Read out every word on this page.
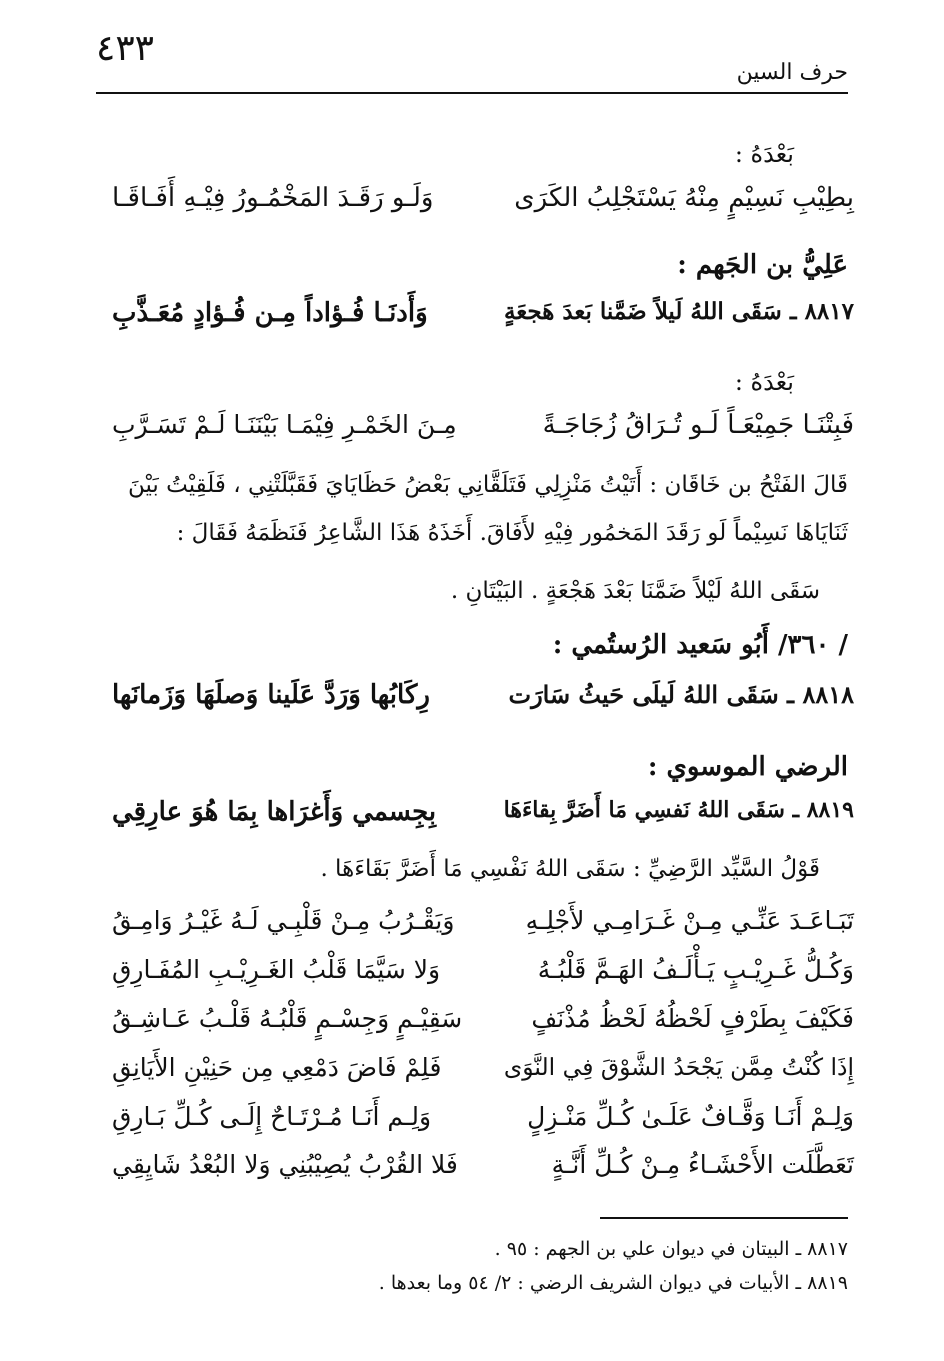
٤٣٣
حرف السين
بَعْدَهُ :
بِطِيْبِ نَسِيْمٍ مِنْهُ يَسْتَجْلِبُ الكَرَى
وَلَـو رَقَـدَ المَخْمُـورُ فِيْـهِ أَفَـاقَـا
عَلِيُّ بن الجَهم :
٨٨١٧ ـ سَقَى اللهُ لَيلاً ضَمَّنا بَعدَ هَجعَةٍ
وَأَدنَـا فُـؤاداً مِـن فُـؤادٍ مُعَـذَّبِ
بَعْدَهُ :
فَبِتْنَـا جَمِيْعَـاً لَـو تُـرَاقُ زُجَاجَـةً
مِـنَ الخَمْـرِ فِيْمَـا بَيْنَنَـا لَـمْ تَسَـرَّبِ
قَالَ الفَتْحُ بن خَاقَان : أَتَيْتُ مَنْزِلِي فَتَلَقَّانِي بَعْضُ حَظَايَايَ فَقَبَّلَتْنِي ، فَلَقِيْتُ بَيْنَ
ثَنَايَاهَا نَسِيْماً لَو رَقَدَ المَخمُور فِيْهِ لأَفَاقَ. أَخَذَهُ هَذَا الشَّاعِرُ فَنَظَمَهُ فَقَالَ :
سَقَى اللهُ لَيْلاً ضَمَّنَا بَعْدَ هَجْعَةٍ . البَيْتَانِ .
/ ٣٦٠/ أَبُو سَعيد الرُستُمي :
٨٨١٨ ـ سَقَى اللهُ لَيلَى حَيثُ سَارَت
رِكَابُها وَرَدَّ عَلَينا وَصلَهَا وَزَمانَها
الرضي الموسوي :
٨٨١٩ ـ سَقَى اللهُ نَفسِي مَا أَضَرَّ بِقاءَهَا
بِجِسمي وَأَغرَاها بِمَا هُوَ عارِقِي
قَوْلُ السَّيِّد الرَّضِيِّ : سَقَى اللهُ نَفْسِي مَا أَضَرَّ بَقَاءَهَا .
تَبَـاعَـدَ عَنِّـي مِـنْ غَـرَامِـي لأَجْلِـهِ
وَيَقْـرُبُ مِـنْ قَلْبِـي لَـهُ غَيْـرُ وَامِـقُ
وَكُـلُّ غَـرِيْـبٍ يَـأْلَـفُ الهَـمَّ قَلْبُـهُ
وَلا سَيَّمَا قَلْبُ الغَـرِيْـبِ المُفَـارِقِ
فَكَيْفَ بِطَرْفٍ لَحْظُهُ لَحْظُ مُذْنَفٍ
سَقِيْـمٍ وَجِسْـمٍ قَلْبُـهُ قَلْـبُ عَـاشِـقُ
إِذَا كُنْتُ مِمَّن يَجْحَدُ الشَّوْقَ فِي النَّوَى
فَلِمْ فَاضَ دَمْعِي مِن حَنِيْنِ الأَيَانِقِ
وَلِـمْ أَنَـا وَقَّـافٌ عَلَـىٰ كُـلِّ مَنْـزِلٍ
وَلِـم أَنَـا مُـرْتَـاحٌ إِلَـى كُـلِّ بَـارِقِ
تَعَطَّلَت الأَحْشَـاءُ مِـنْ كُـلِّ أَنَّـةٍ
فَلا القُرْبُ يُصِيْبُنِي وَلا البُعْدُ شَايِقِي
٨٨١٧ ـ البيتان في ديوان علي بن الجهم : ٩٥ .
٨٨١٩ ـ الأبيات في ديوان الشريف الرضي : ٢/ ٥٤ وما بعدها .
